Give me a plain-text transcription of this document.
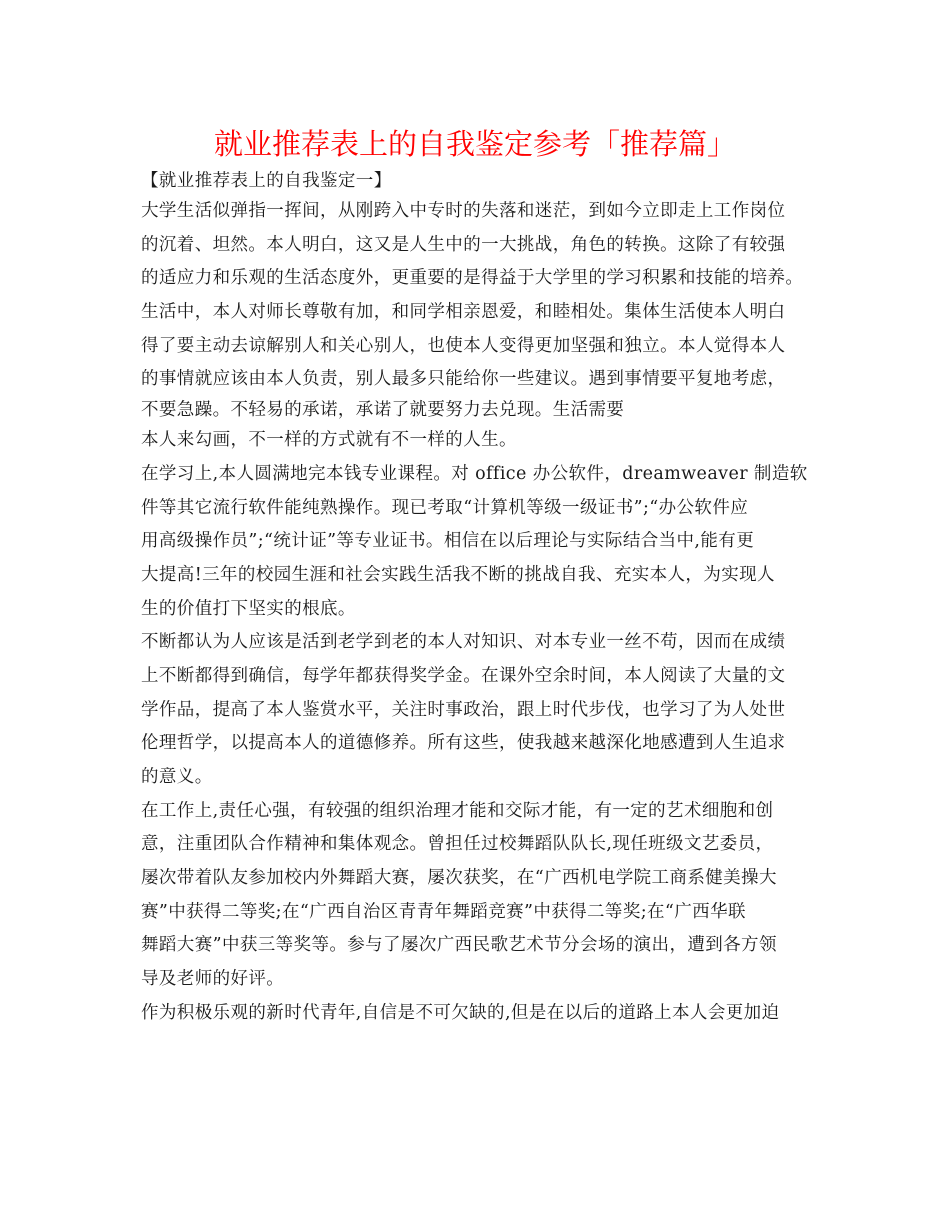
就业推荐表上的自我鉴定参考「推荐篇」
【就业推荐表上的自我鉴定一】
大学生活似弹指一挥间，从刚跨入中专时的失落和迷茫，到如今立即走上工作岗位
的沉着、坦然。本人明白，这又是人生中的一大挑战，角色的转换。这除了有较强
的适应力和乐观的生活态度外，更重要的是得益于大学里的学习积累和技能的培养。
生活中，本人对师长尊敬有加，和同学相亲恩爱，和睦相处。集体生活使本人明白
得了要主动去谅解别人和关心别人，也使本人变得更加坚强和独立。本人觉得本人
的事情就应该由本人负责，别人最多只能给你一些建议。遇到事情要平复地考虑，
不要急躁。不轻易的承诺，承诺了就要努力去兑现。生活需要
本人来勾画，不一样的方式就有不一样的人生。
在学习上,本人圆满地完本钱专业课程。对 office 办公软件，dreamweaver 制造软
件等其它流行软件能纯熟操作。现已考取“计算机等级一级证书”;“办公软件应
用高级操作员”;“统计证”等专业证书。相信在以后理论与实际结合当中,能有更
大提高!三年的校园生涯和社会实践生活我不断的挑战自我、充实本人，为实现人
生的价值打下坚实的根底。
不断都认为人应该是活到老学到老的本人对知识、对本专业一丝不苟，因而在成绩
上不断都得到确信，每学年都获得奖学金。在课外空余时间，本人阅读了大量的文
学作品，提高了本人鉴赏水平，关注时事政治，跟上时代步伐，也学习了为人处世
伦理哲学，以提高本人的道德修养。所有这些，使我越来越深化地感遭到人生追求
的意义。
在工作上,责任心强，有较强的组织治理才能和交际才能，有一定的艺术细胞和创
意，注重团队合作精神和集体观念。曾担任过校舞蹈队队长,现任班级文艺委员，
屡次带着队友参加校内外舞蹈大赛，屡次获奖，在“广西机电学院工商系健美操大
赛”中获得二等奖;在“广西自治区青青年舞蹈竞赛”中获得二等奖;在“广西华联
舞蹈大赛”中获三等奖等。参与了屡次广西民歌艺术节分会场的演出，遭到各方领
导及老师的好评。
作为积极乐观的新时代青年,自信是不可欠缺的,但是在以后的道路上本人会更加迫
